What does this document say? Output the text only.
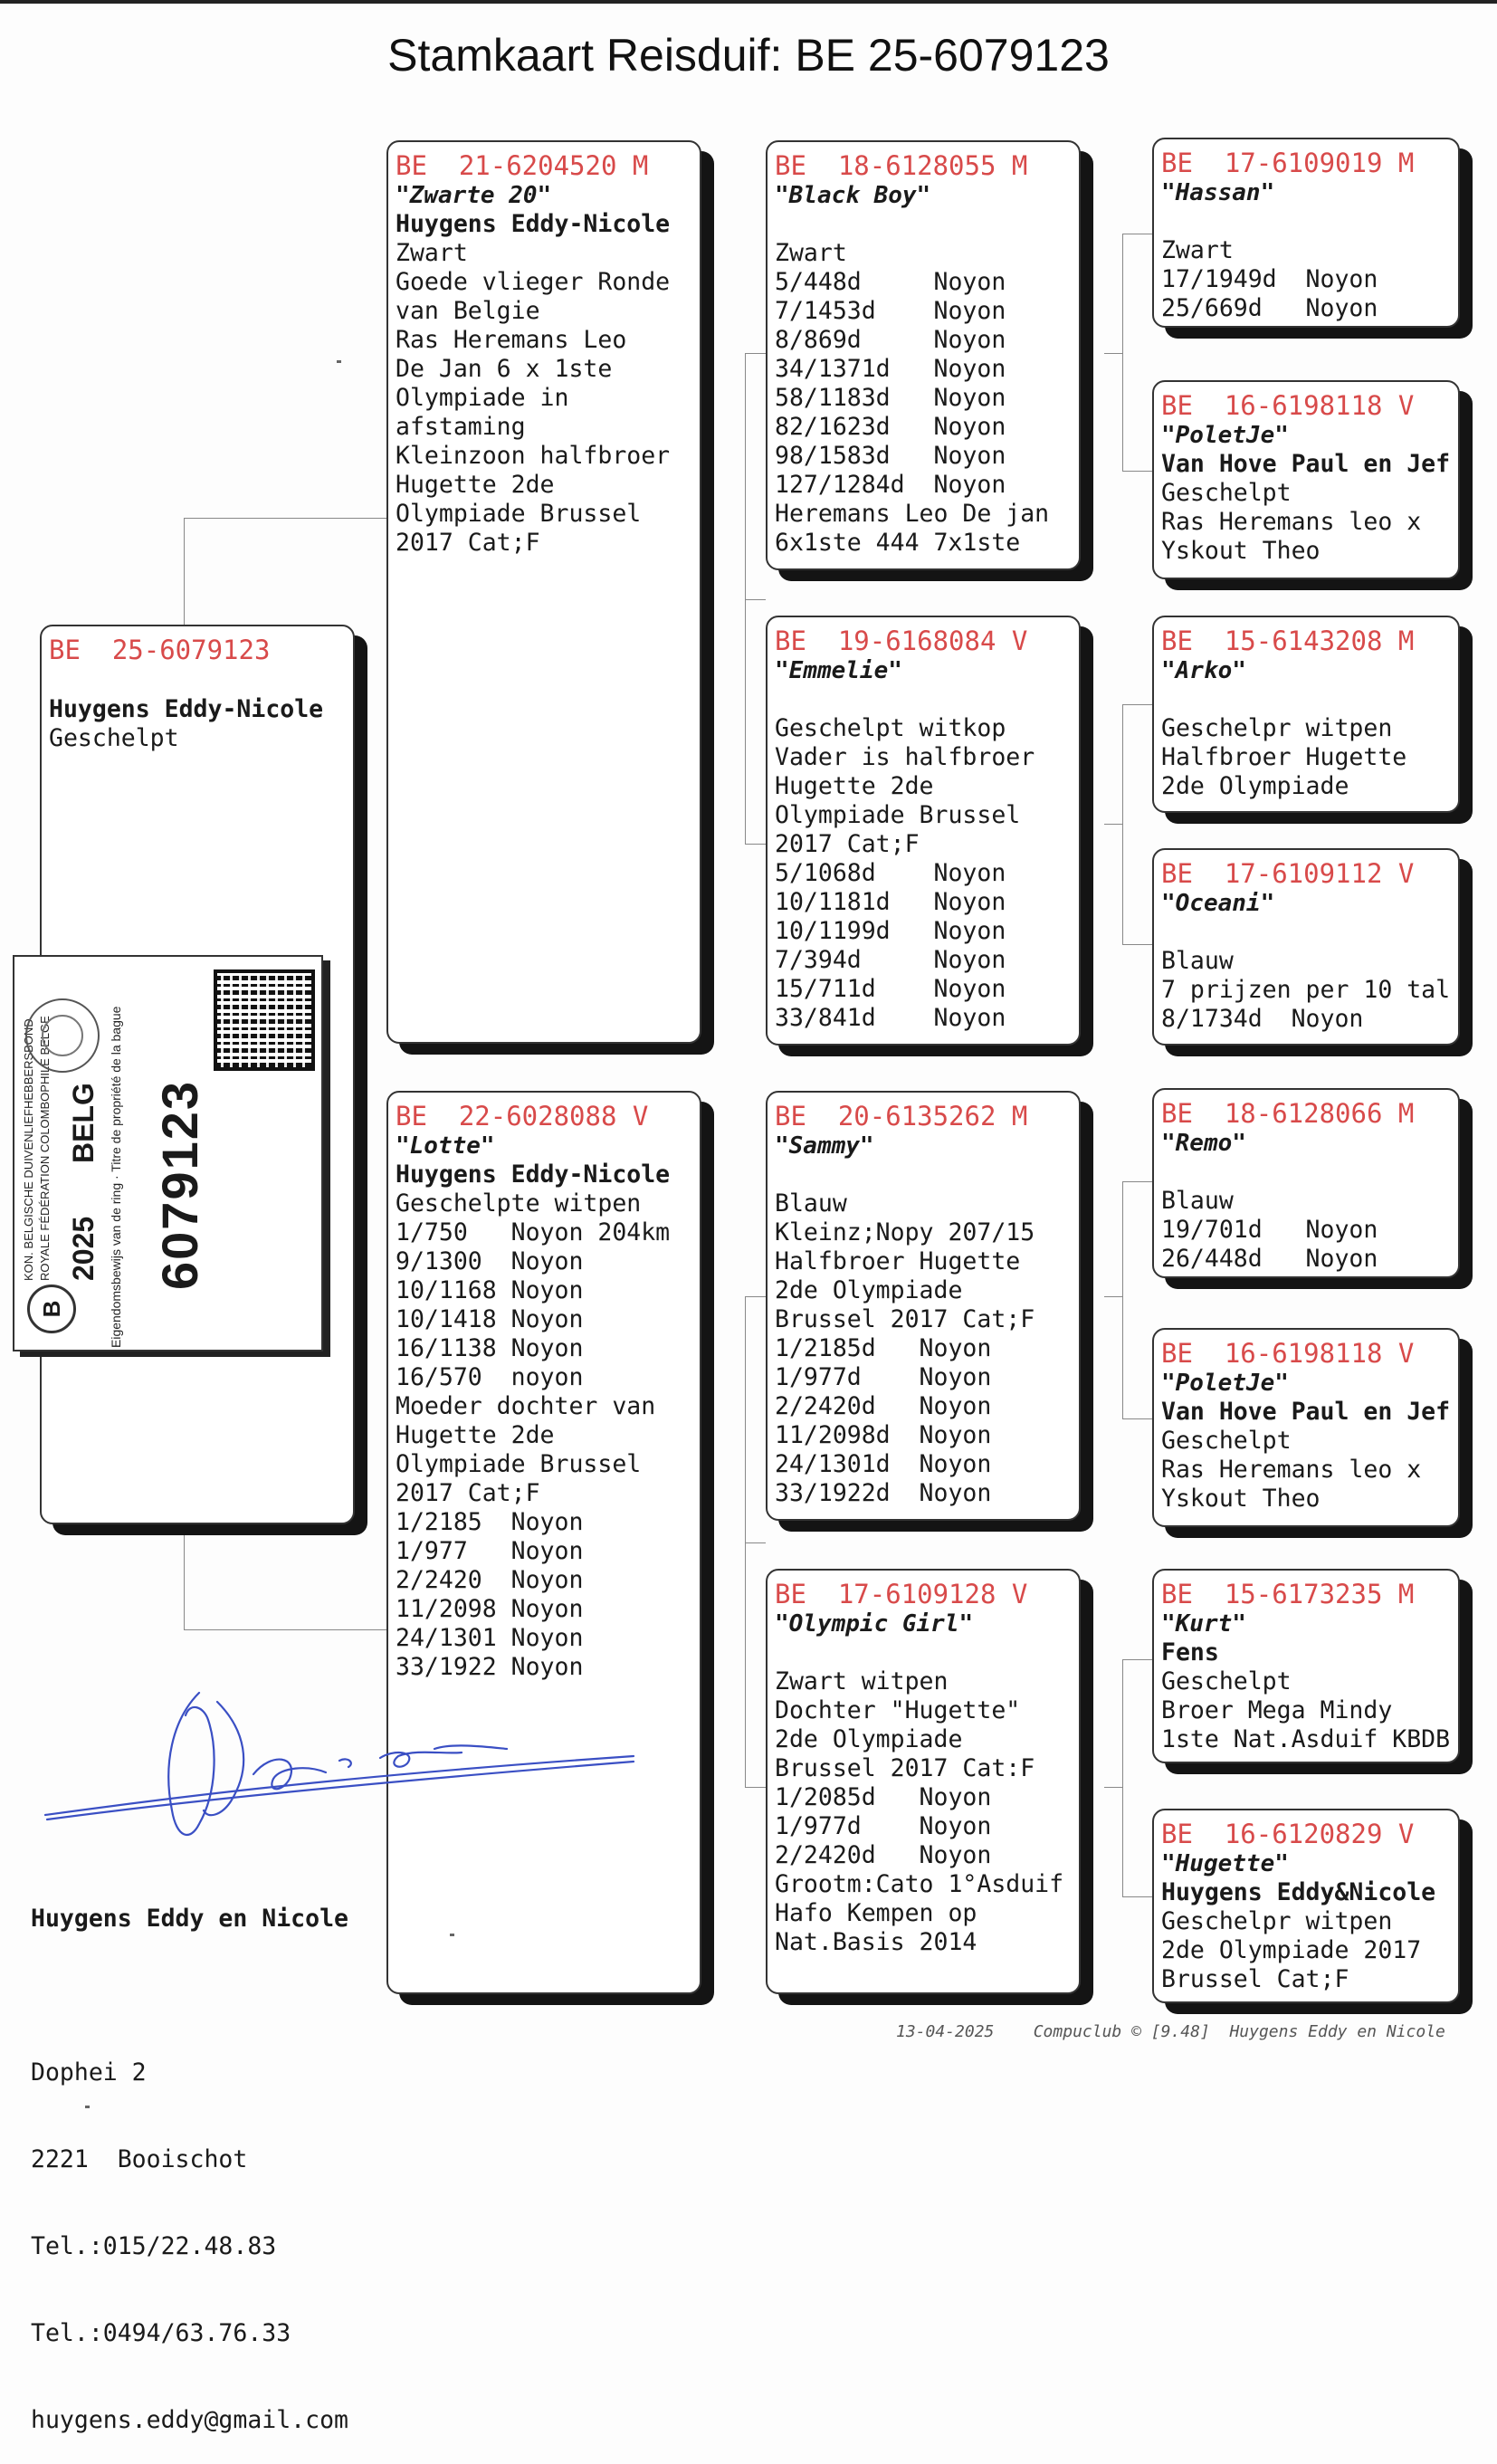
Stamkaart Reisduif: BE 25-6079123
BE  25-6079123
Huygens Eddy-Nicole
Geschelpt
BE  21-6204520 M
"Zwarte 20"
Huygens Eddy-Nicole
Zwart
Goede vlieger Ronde
van Belgie
Ras Heremans Leo
De Jan 6 x 1ste
Olympiade in
afstaming
Kleinzoon halfbroer
Hugette 2de
Olympiade Brussel
2017 Cat;F
BE  22-6028088 V
"Lotte"
Huygens Eddy-Nicole
Geschelpte witpen
1/750   Noyon 204km
9/1300  Noyon
10/1168 Noyon
10/1418 Noyon
16/1138 Noyon
16/570  noyon
Moeder dochter van
Hugette 2de
Olympiade Brussel
2017 Cat;F
1/2185  Noyon
1/977   Noyon
2/2420  Noyon
11/2098 Noyon
24/1301 Noyon
33/1922 Noyon
BE  18-6128055 M
"Black Boy"
Zwart
5/448d     Noyon
7/1453d    Noyon
8/869d     Noyon
34/1371d   Noyon
58/1183d   Noyon
82/1623d   Noyon
98/1583d   Noyon
127/1284d  Noyon
Heremans Leo De jan
6x1ste 444 7x1ste
BE  19-6168084 V
"Emmelie"
Geschelpt witkop
Vader is halfbroer
Hugette 2de
Olympiade Brussel
2017 Cat;F
5/1068d    Noyon
10/1181d   Noyon
10/1199d   Noyon
7/394d     Noyon
15/711d    Noyon
33/841d    Noyon
BE  20-6135262 M
"Sammy"
Blauw
Kleinz;Nopy 207/15
Halfbroer Hugette
2de Olympiade
Brussel 2017 Cat;F
1/2185d   Noyon
1/977d    Noyon
2/2420d   Noyon
11/2098d  Noyon
24/1301d  Noyon
33/1922d  Noyon
BE  17-6109128 V
"Olympic Girl"
Zwart witpen
Dochter "Hugette"
2de Olympiade
Brussel 2017 Cat:F
1/2085d   Noyon
1/977d    Noyon
2/2420d   Noyon
Grootm:Cato 1°Asduif
Hafo Kempen op
Nat.Basis 2014
BE  17-6109019 M
"Hassan"
Zwart
17/1949d  Noyon
25/669d   Noyon
BE  16-6198118 V
"PoletJe"
Van Hove Paul en Jef
Geschelpt
Ras Heremans leo x
Yskout Theo
BE  15-6143208 M
"Arko"
Geschelpr witpen
Halfbroer Hugette
2de Olympiade
BE  17-6109112 V
"Oceani"
Blauw
7 prijzen per 10 tal
8/1734d  Noyon
BE  18-6128066 M
"Remo"
Blauw
19/701d   Noyon
26/448d   Noyon
BE  16-6198118 V
"PoletJe"
Van Hove Paul en Jef
Geschelpt
Ras Heremans leo x
Yskout Theo
BE  15-6173235 M
"Kurt"
Fens
Geschelpt
Broer Mega Mindy
1ste Nat.Asduif KBDB
BE  16-6120829 V
"Hugette"
Huygens Eddy&Nicole
Geschelpr witpen
2de Olympiade 2017
Brussel Cat;F
B
KON. BELGISCHE DUIVENLIEFHEBBERSBOND ROYALE FÉDÉRATION COLOMBOPHILE BELGE 2025
BELG Eigendomsbewijs van de ring · Titre de propriété de la bague 6079123

Huygens Eddy en Nicole

Dophei 2

2221  Booischot

Tel.:015/22.48.83

Tel.:0494/63.76.33

huygens.eddy@gmail.com

13-04-2025    Compuclub © [9.48]  Huygens Eddy en Nicole
